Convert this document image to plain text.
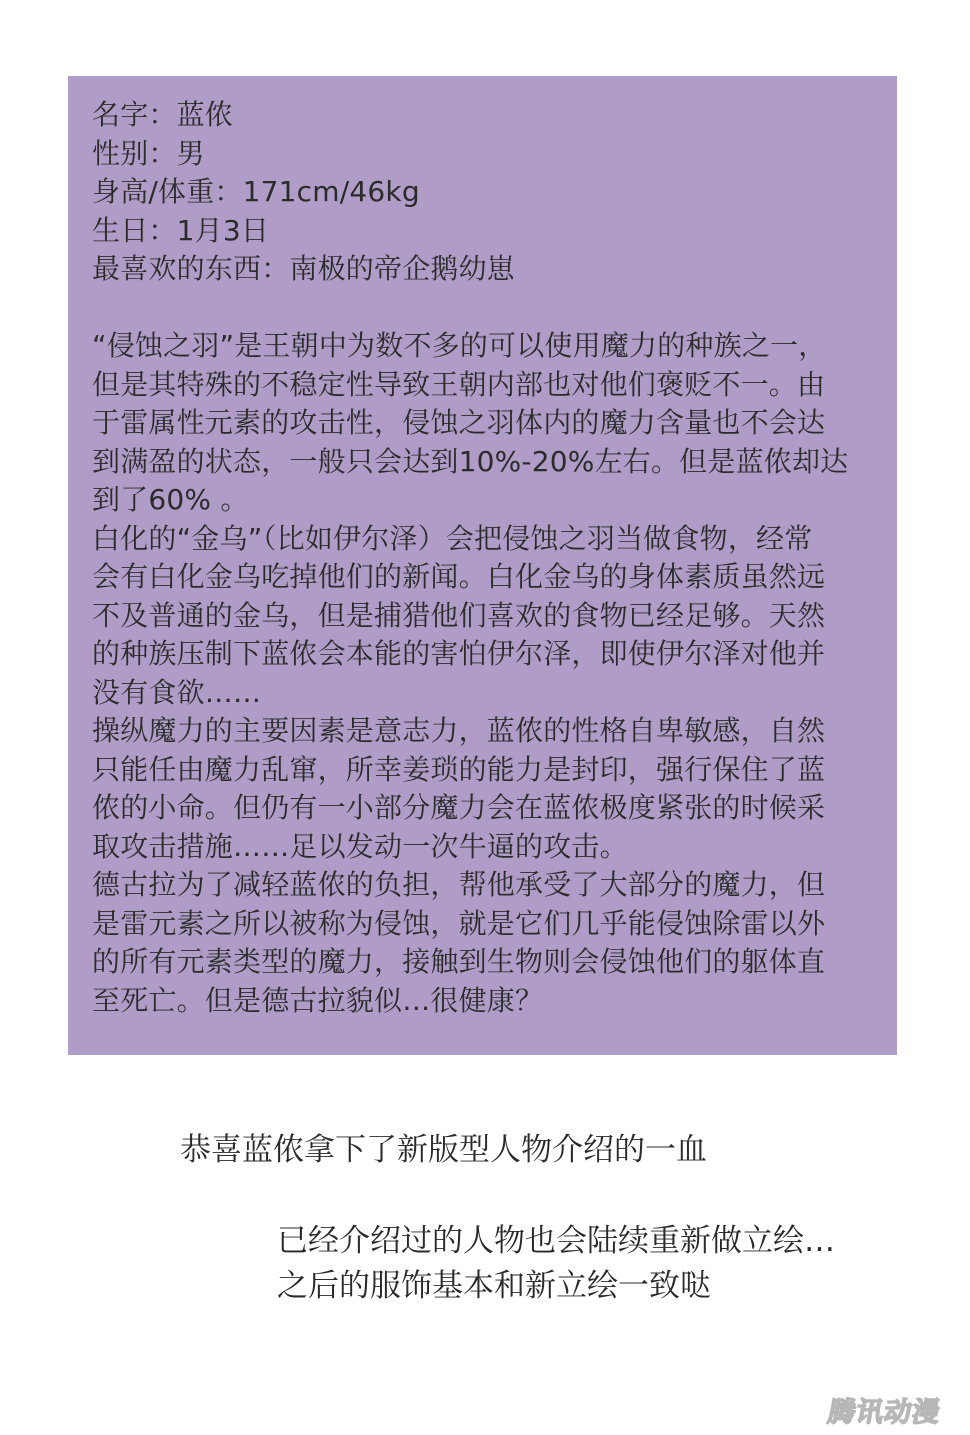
名字：蓝侬
性别：男
身高/体重：171cm/46kg
生日：1月3日
最喜欢的东西：南极的帝企鹅幼崽
“侵蚀之羽”是王朝中为数不多的可以使用魔力的种族之一，
但是其特殊的不稳定性导致王朝内部也对他们褒贬不一。由
于雷属性元素的攻击性，侵蚀之羽体内的魔力含量也不会达
到满盈的状态，一般只会达到10%-20%左右。但是蓝侬却达
到了60% 。
白化的“金乌”（比如伊尔泽）会把侵蚀之羽当做食物，经常
会有白化金乌吃掉他们的新闻。白化金乌的身体素质虽然远
不及普通的金乌，但是捕猎他们喜欢的食物已经足够。天然
的种族压制下蓝侬会本能的害怕伊尔泽，即使伊尔泽对他并
没有食欲……
操纵魔力的主要因素是意志力，蓝侬的性格自卑敏感，自然
只能任由魔力乱窜，所幸姜琐的能力是封印，强行保住了蓝
侬的小命。但仍有一小部分魔力会在蓝侬极度紧张的时候采
取攻击措施……足以发动一次牛逼的攻击。
德古拉为了减轻蓝侬的负担，帮他承受了大部分的魔力，但
是雷元素之所以被称为侵蚀，就是它们几乎能侵蚀除雷以外
的所有元素类型的魔力，接触到生物则会侵蚀他们的躯体直
至死亡。但是德古拉貌似…很健康？
恭喜蓝侬拿下了新版型人物介绍的一血
已经介绍过的人物也会陆续重新做立绘…
之后的服饰基本和新立绘一致哒
腾讯动漫
